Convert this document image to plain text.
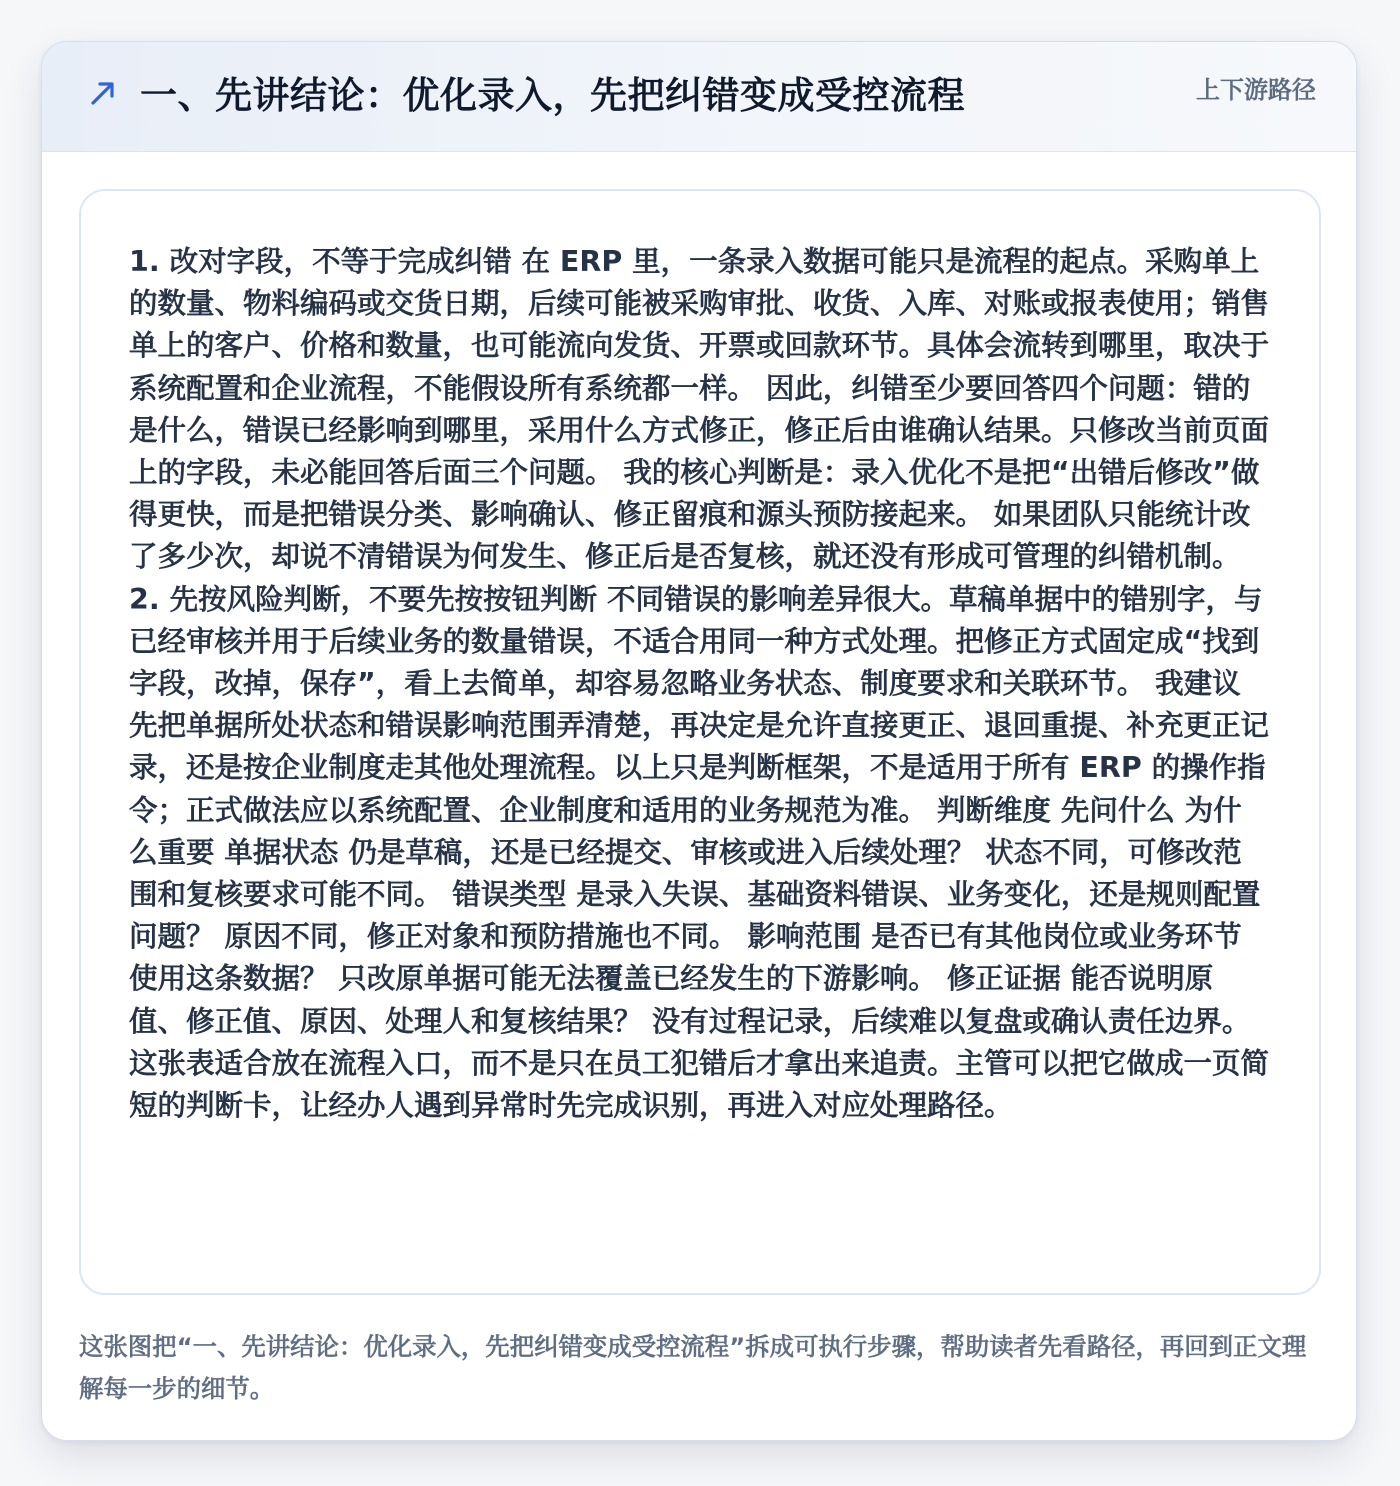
一、先讲结论：优化录入，先把纠错变成受控流程	上下游路径

1. 改对字段，不等于完成纠错 在 ERP 里，一条录入数据可能只是流程的起点。采购单上的数量、物料编码或交货日期，后续可能被采购审批、收货、入库、对账或报表使用；销售单上的客户、价格和数量，也可能流向发货、开票或回款环节。具体会流转到哪里，取决于系统配置和企业流程，不能假设所有系统都一样。 因此，纠错至少要回答四个问题：错的是什么，错误已经影响到哪里，采用什么方式修正，修正后由谁确认结果。只修改当前页面上的字段，未必能回答后面三个问题。 我的核心判断是：录入优化不是把“出错后修改”做得更快，而是把错误分类、影响确认、修正留痕和源头预防接起来。 如果团队只能统计改了多少次，却说不清错误为何发生、修正后是否复核，就还没有形成可管理的纠错机制。 2. 先按风险判断，不要先按按钮判断 不同错误的影响差异很大。草稿单据中的错别字，与已经审核并用于后续业务的数量错误，不适合用同一种方式处理。把修正方式固定成“找到字段，改掉，保存”，看上去简单，却容易忽略业务状态、制度要求和关联环节。 我建议先把单据所处状态和错误影响范围弄清楚，再决定是允许直接更正、退回重提、补充更正记录，还是按企业制度走其他处理流程。以上只是判断框架，不是适用于所有 ERP 的操作指令；正式做法应以系统配置、企业制度和适用的业务规范为准。 判断维度 先问什么 为什么重要 单据状态 仍是草稿，还是已经提交、审核或进入后续处理？ 状态不同，可修改范围和复核要求可能不同。 错误类型 是录入失误、基础资料错误、业务变化，还是规则配置问题？ 原因不同，修正对象和预防措施也不同。 影响范围 是否已有其他岗位或业务环节使用这条数据？ 只改原单据可能无法覆盖已经发生的下游影响。 修正证据 能否说明原值、修正值、原因、处理人和复核结果？ 没有过程记录，后续难以复盘或确认责任边界。 这张表适合放在流程入口，而不是只在员工犯错后才拿出来追责。主管可以把它做成一页简短的判断卡，让经办人遇到异常时先完成识别，再进入对应处理路径。

这张图把“一、先讲结论：优化录入，先把纠错变成受控流程”拆成可执行步骤，帮助读者先看路径，再回到正文理解每一步的细节。
